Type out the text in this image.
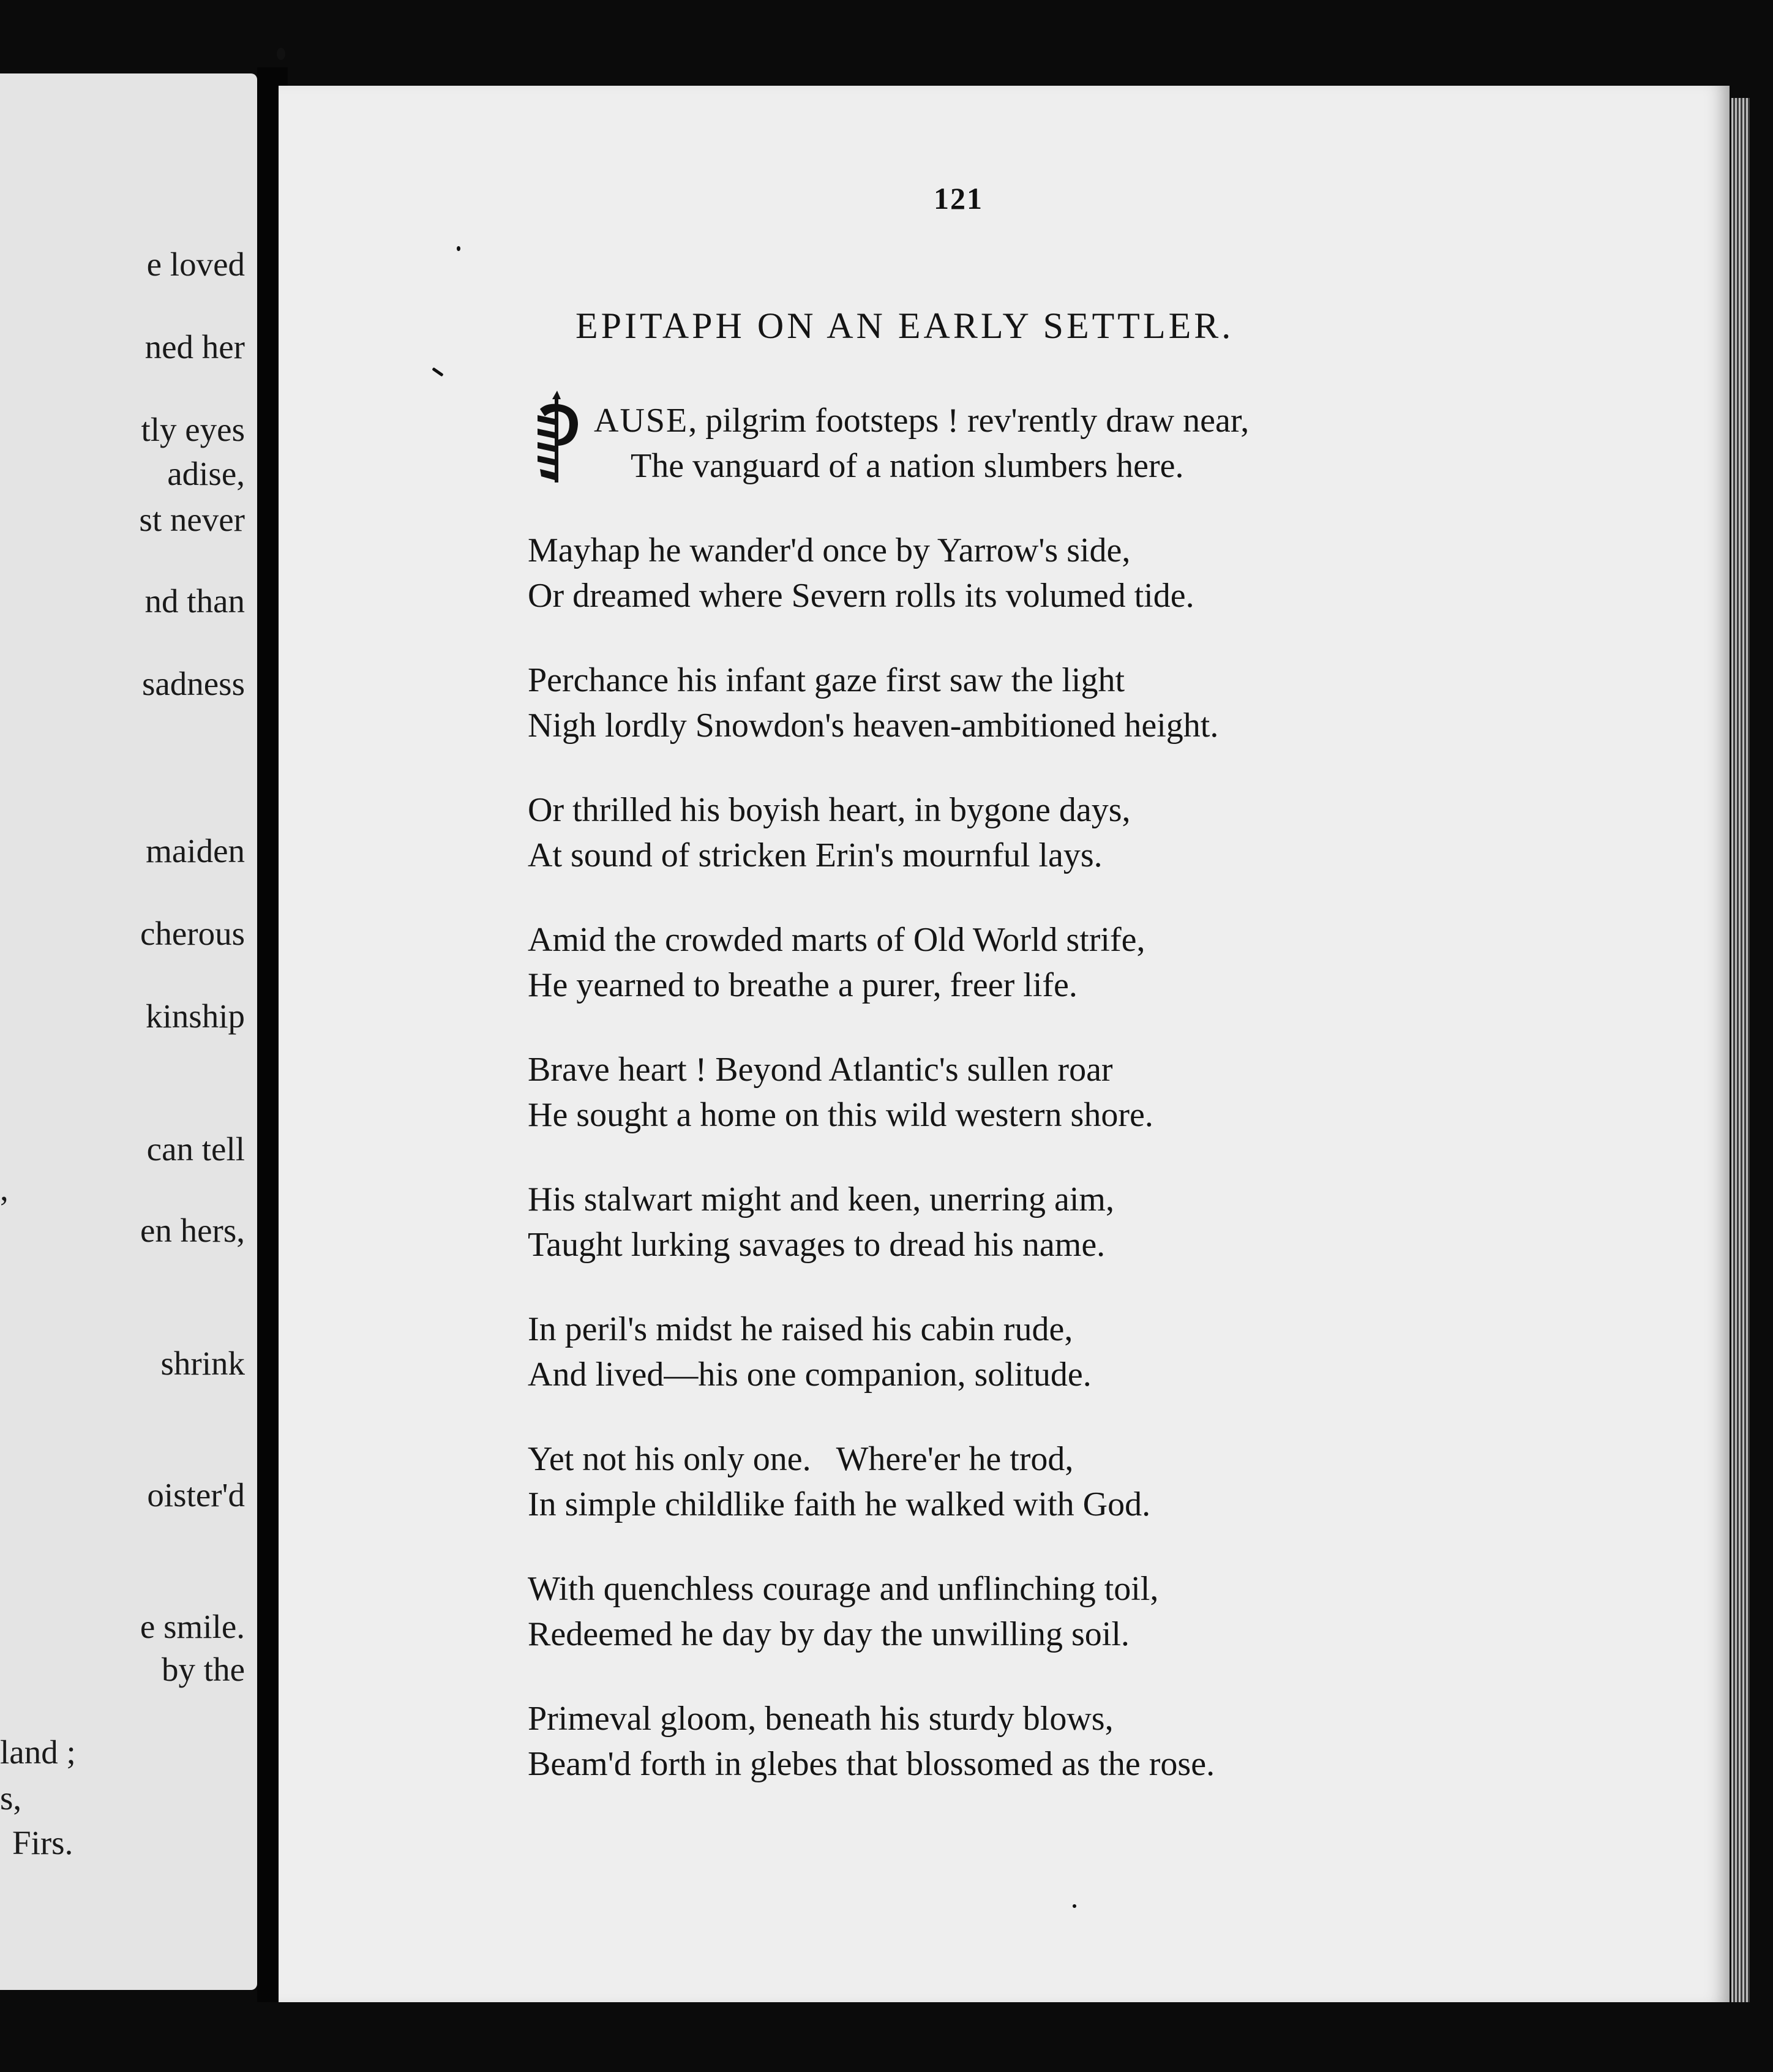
e loved
ned her
tly eyes
adise,
st never
nd than
sadness
maiden
cherous
kinship
can tell
,
en hers,
shrink
oister'd
e smile.
by the
land ;
s,
Firs.
121
EPITAPH ON AN EARLY SETTLER.
P AUSE, pilgrim footsteps ! rev'rently draw near,
The vanguard of a nation slumbers here.
Mayhap he wander'd once by Yarrow's side,
Or dreamed where Severn rolls its volumed tide.
Perchance his infant gaze first saw the light
Nigh lordly Snowdon's heaven-ambitioned height.
Or thrilled his boyish heart, in bygone days,
At sound of stricken Erin's mournful lays.
Amid the crowded marts of Old World strife,
He yearned to breathe a purer, freer life.
Brave heart ! Beyond Atlantic's sullen roar
He sought a home on this wild western shore.
His stalwart might and keen, unerring aim,
Taught lurking savages to dread his name.
In peril's midst he raised his cabin rude,
And lived—his one companion, solitude.
Yet not his only one.   Where'er he trod,
In simple childlike faith he walked with God.
With quenchless courage and unflinching toil,
Redeemed he day by day the unwilling soil.
Primeval gloom, beneath his sturdy blows,
Beam'd forth in glebes that blossomed as the rose.
